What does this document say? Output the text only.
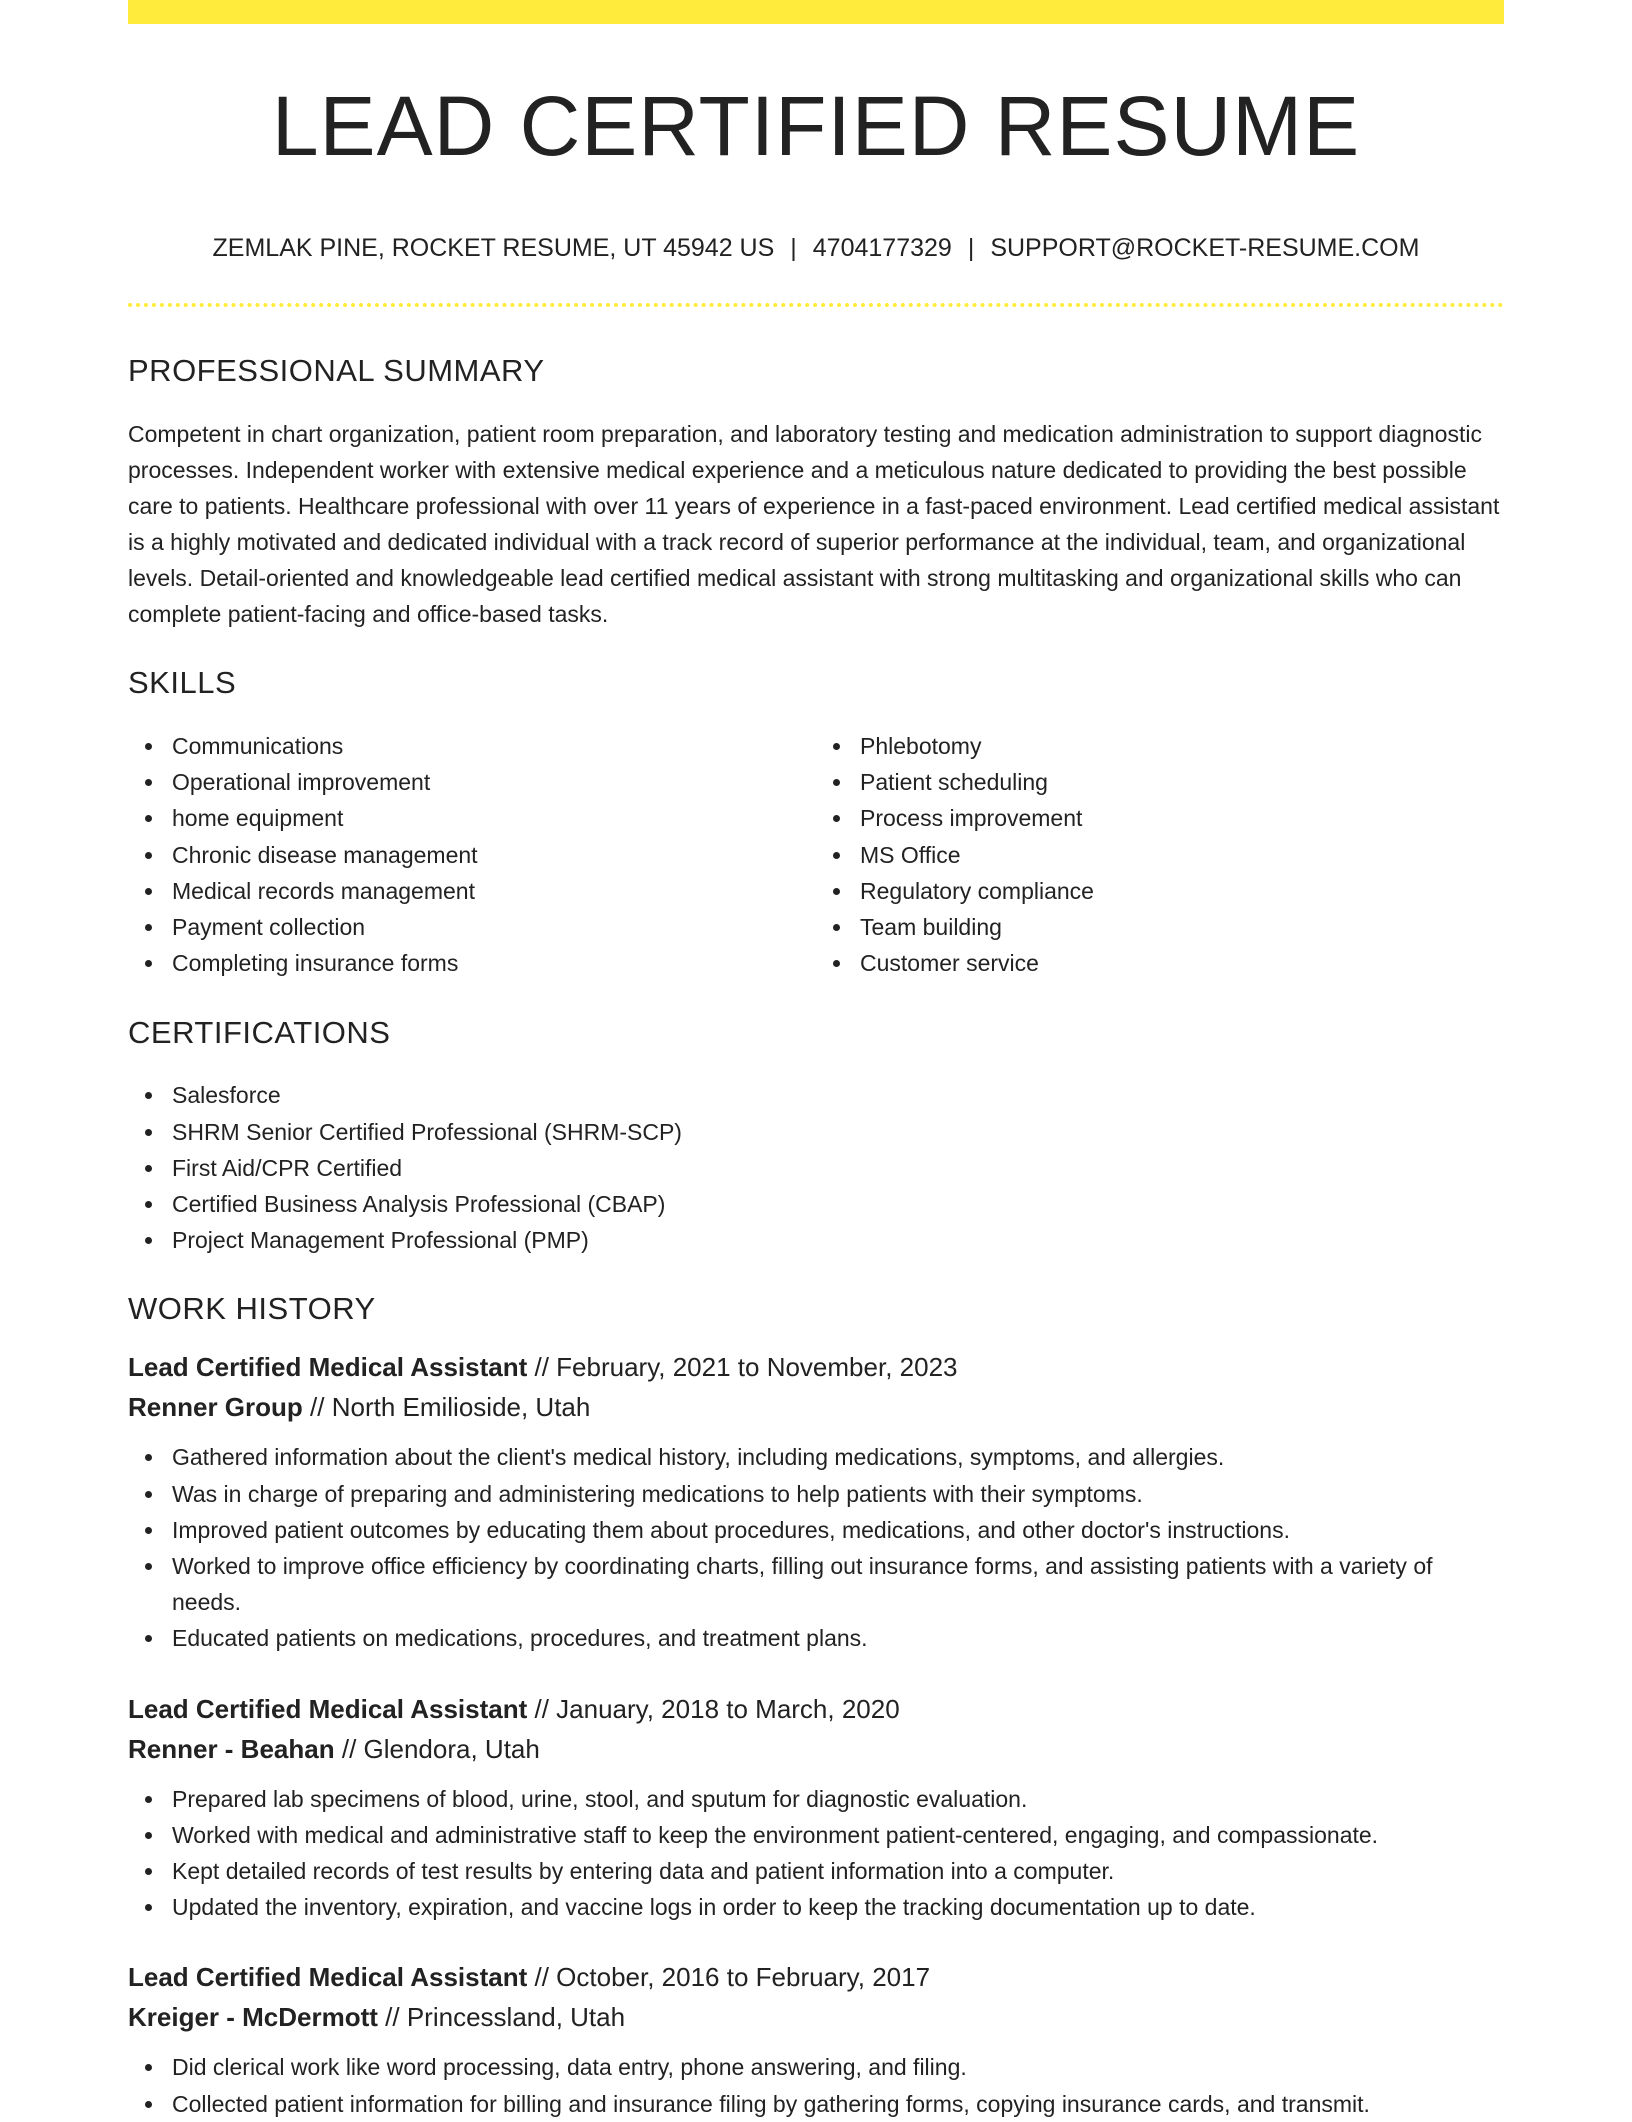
LEAD CERTIFIED RESUME
ZEMLAK PINE, ROCKET RESUME, UT 45942 US | 4704177329 | SUPPORT@ROCKET-RESUME.COM
PROFESSIONAL SUMMARY
Competent in chart organization, patient room preparation, and laboratory testing and medication administration to support diagnostic processes. Independent worker with extensive medical experience and a meticulous nature dedicated to providing the best possible care to patients. Healthcare professional with over 11 years of experience in a fast-paced environment. Lead certified medical assistant is a highly motivated and dedicated individual with a track record of superior performance at the individual, team, and organizational levels. Detail-oriented and knowledgeable lead certified medical assistant with strong multitasking and organizational skills who can complete patient-facing and office-based tasks.
SKILLS
Communications
Operational improvement
home equipment
Chronic disease management
Medical records management
Payment collection
Completing insurance forms
Phlebotomy
Patient scheduling
Process improvement
MS Office
Regulatory compliance
Team building
Customer service
CERTIFICATIONS
Salesforce
SHRM Senior Certified Professional (SHRM-SCP)
First Aid/CPR Certified
Certified Business Analysis Professional (CBAP)
Project Management Professional (PMP)
WORK HISTORY
Lead Certified Medical Assistant // February, 2021 to November, 2023
Renner Group // North Emilioside, Utah
Gathered information about the client's medical history, including medications, symptoms, and allergies.
Was in charge of preparing and administering medications to help patients with their symptoms.
Improved patient outcomes by educating them about procedures, medications, and other doctor's instructions.
Worked to improve office efficiency by coordinating charts, filling out insurance forms, and assisting patients with a variety of needs.
Educated patients on medications, procedures, and treatment plans.
Lead Certified Medical Assistant // January, 2018 to March, 2020
Renner - Beahan // Glendora, Utah
Prepared lab specimens of blood, urine, stool, and sputum for diagnostic evaluation.
Worked with medical and administrative staff to keep the environment patient-centered, engaging, and compassionate.
Kept detailed records of test results by entering data and patient information into a computer.
Updated the inventory, expiration, and vaccine logs in order to keep the tracking documentation up to date.
Lead Certified Medical Assistant // October, 2016 to February, 2017
Kreiger - McDermott // Princessland, Utah
Did clerical work like word processing, data entry, phone answering, and filing.
Collected patient information for billing and insurance filing by gathering forms, copying insurance cards, and transmit.
